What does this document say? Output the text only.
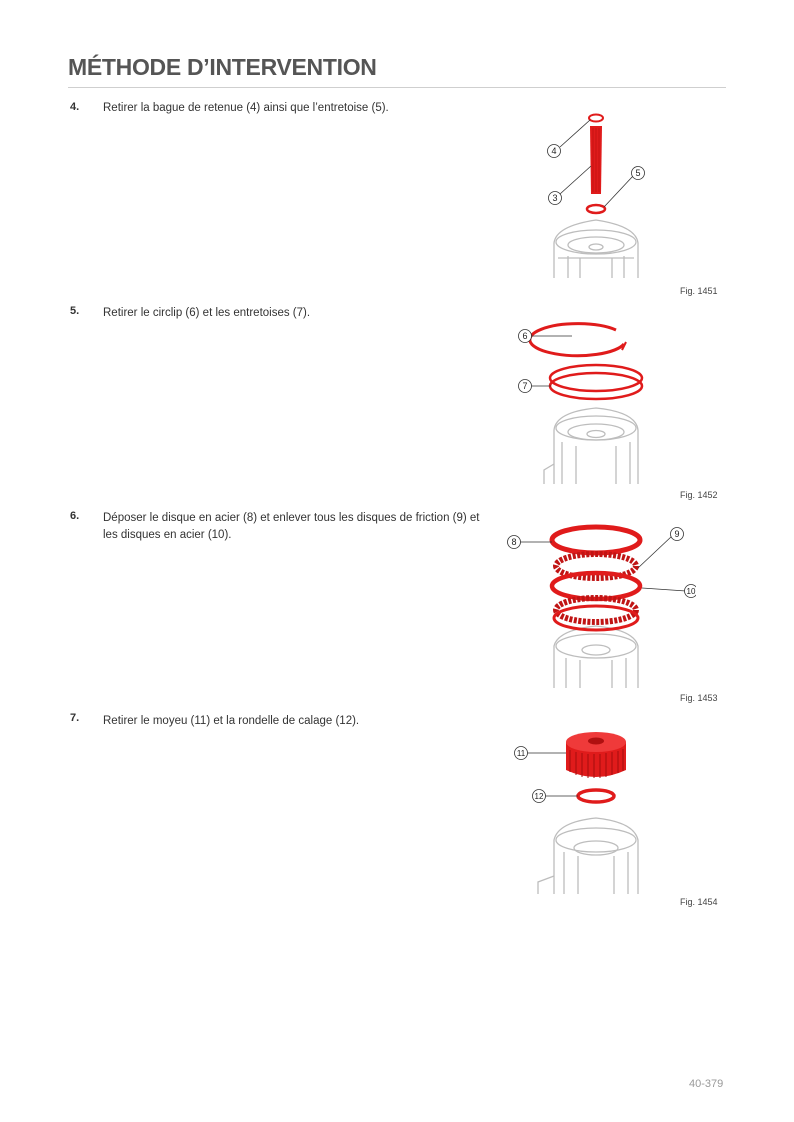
MÉTHODE D’INTERVENTION
4. Retirer la bague de retenue (4) ainsi que l’entretoise (5).
4
3
5
Fig. 1451
5. Retirer le circlip (6) et les entretoises (7).
6
7
Fig. 1452
6. Déposer le disque en acier (8) et enlever tous les disques de friction (9) et les disques en acier (10).
8
9
10
Fig. 1453
7. Retirer le moyeu (11) et la rondelle de calage (12).
11
12
Fig. 1454
40-379
